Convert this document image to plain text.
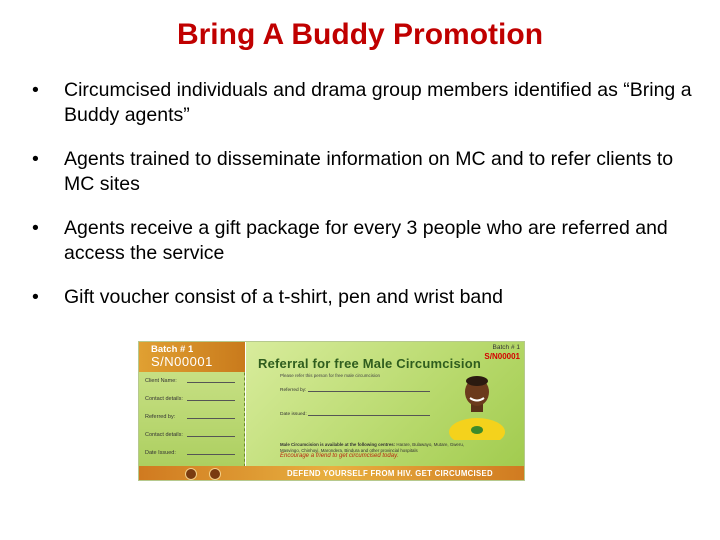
Bring A Buddy Promotion
•	Circumcised individuals and drama group members identified as “Bring a Buddy agents”
•	Agents trained to disseminate information on MC and to refer clients to MC sites
•	Agents receive a gift package for every 3 people who are referred and access the service
•	Gift voucher consist of a t-shirt, pen and wrist band
Batch # 1
S/N00001
Client Name:
Contact details:
Referred by:
Contact details:
Date Issued:
Batch # 1
S/N00001
Referral for free Male Circumcision
Please refer this person for free male circumcision
Referred by:
Date issued:
Male Circumcision is available at the following centres: Harare, Bulawayo, Mutare, Gweru, Masvingo, Chinhoyi, Marondera, Bindura and other provincial hospitals
Encourage a friend to get circumcised today.
DEFEND YOURSELF FROM HIV. GET CIRCUMCISED
